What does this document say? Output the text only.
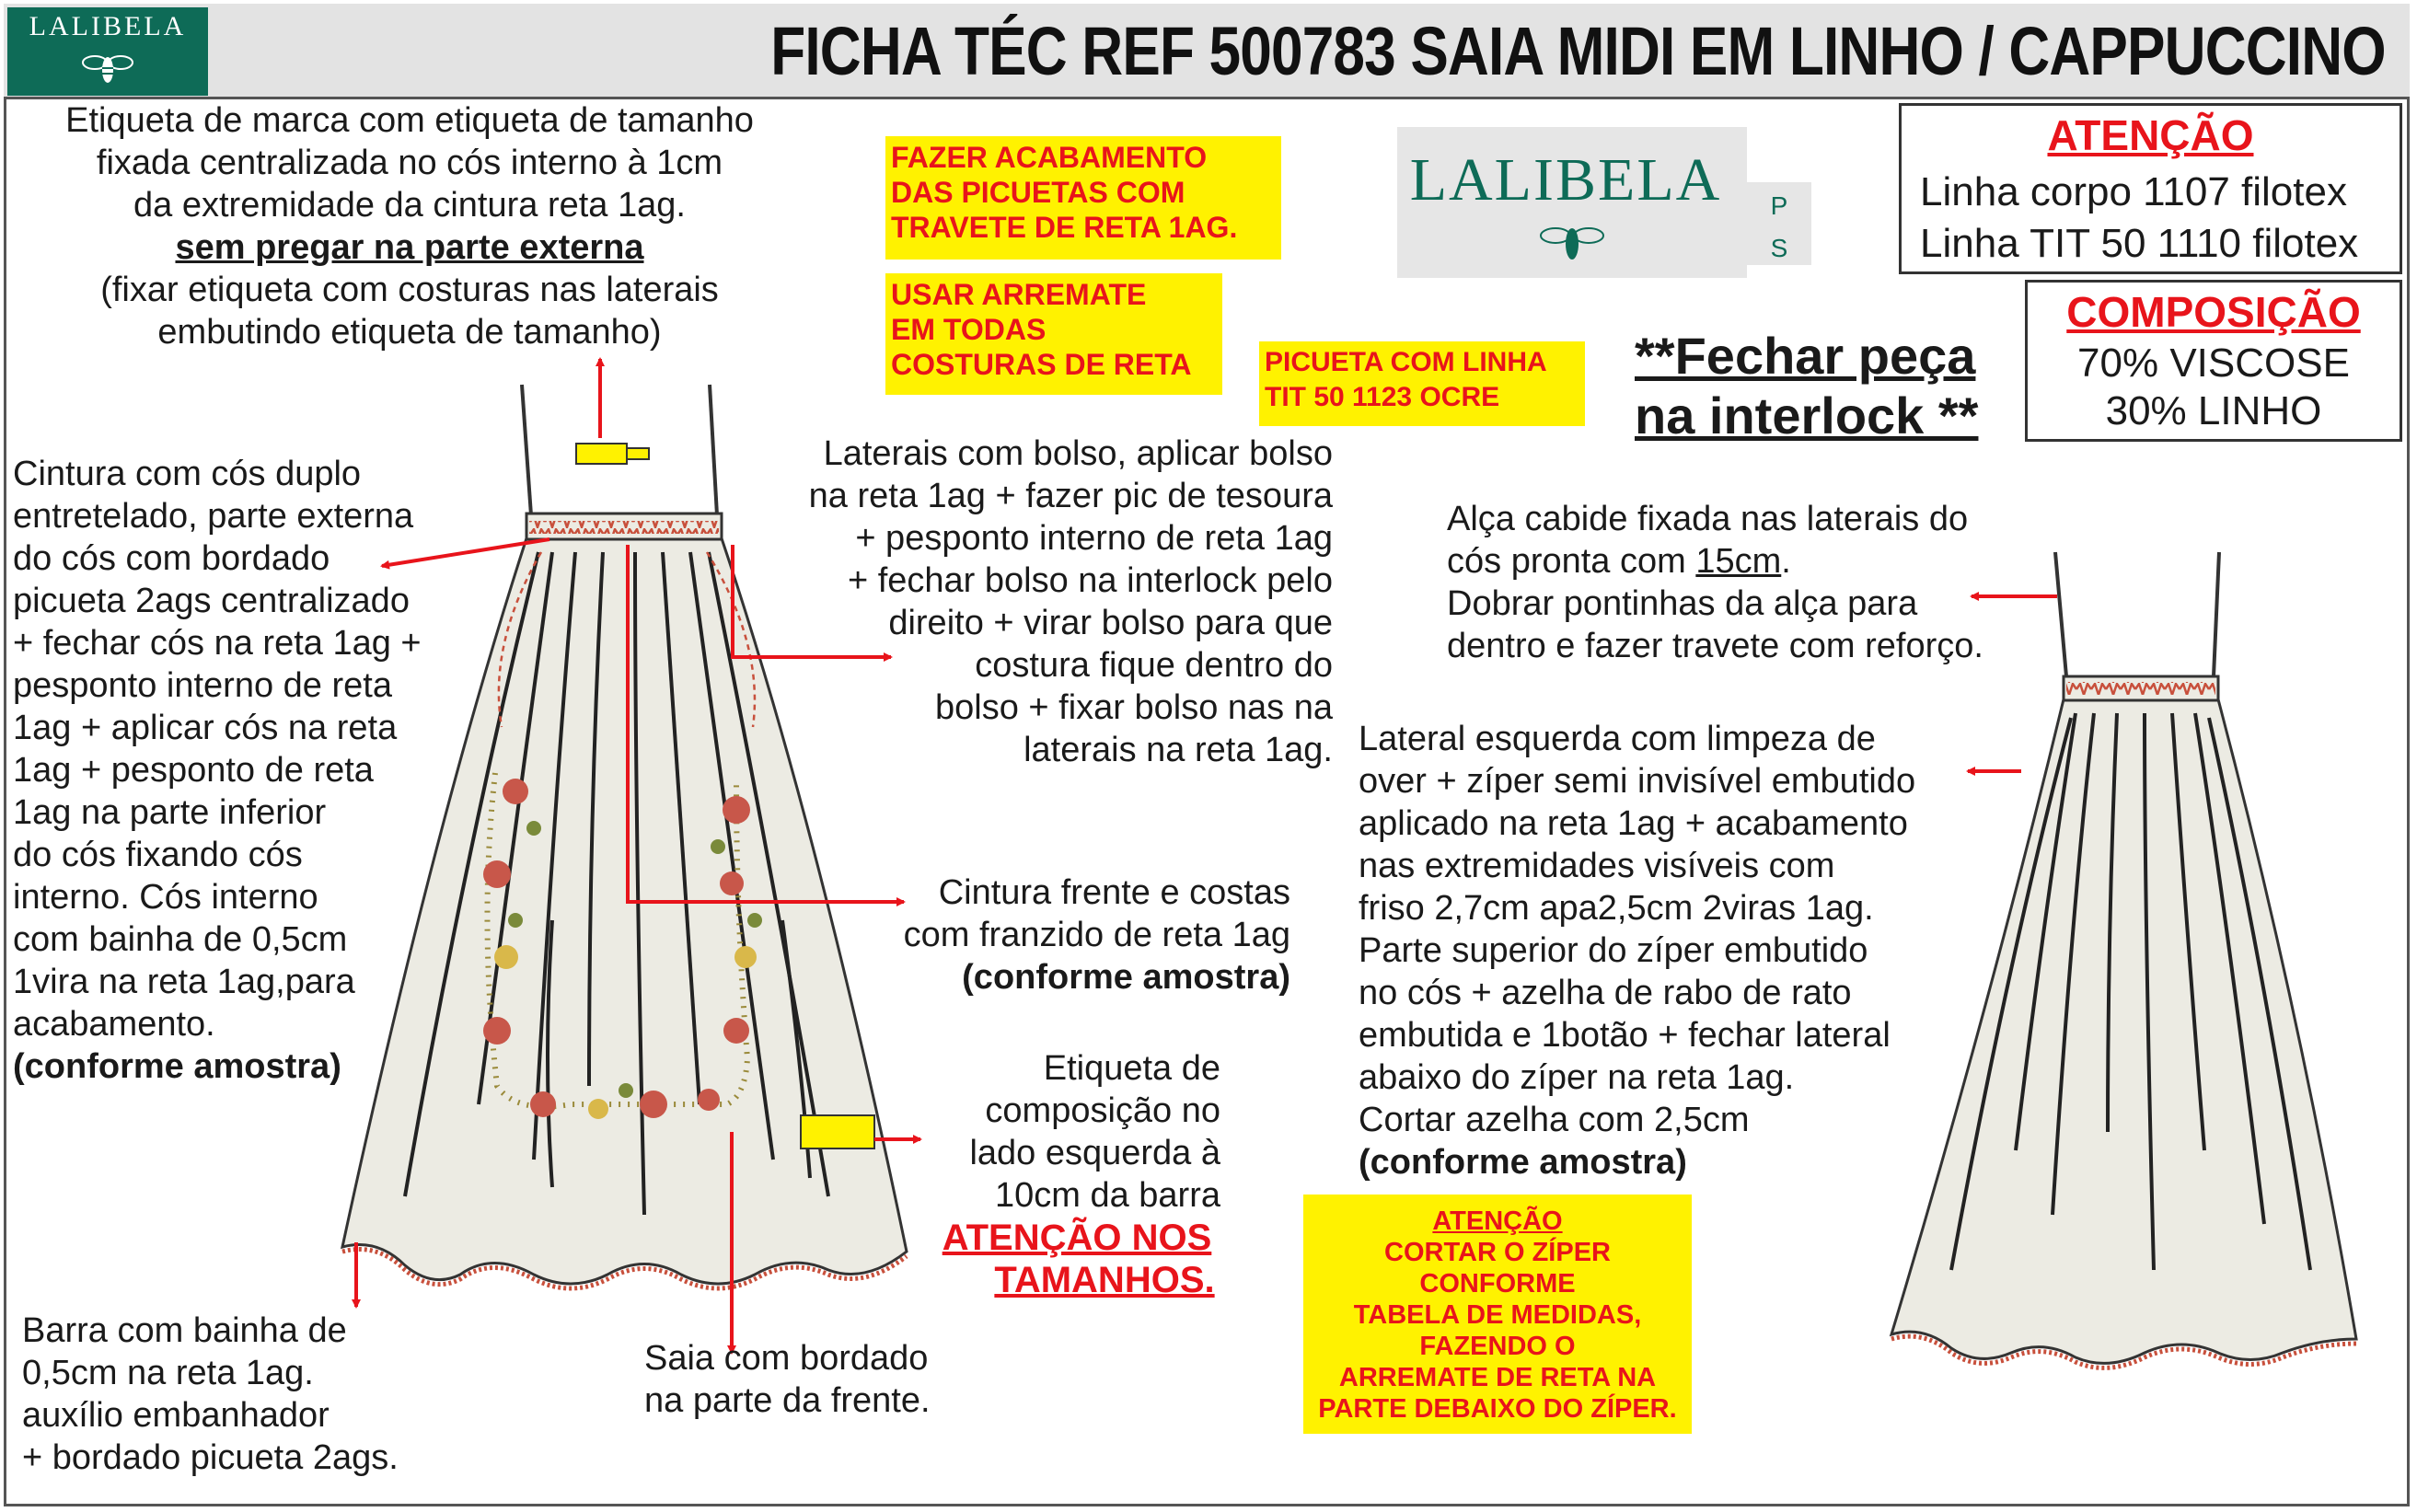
LALIBELA	FICHA TÉC REF 500783 SAIA MIDI EM LINHO / CAPPUCCINO
LALIBELA	P
S
ATENÇÃO
Linha corpo 1107 filotex
Linha TIT 50 1110 filotex
COMPOSIÇÃO
70% VISCOSE
30% LINHO
**Fechar peça
na interlock **
FAZER ACABAMENTO
DAS PICUETAS COM
TRAVETE DE RETA 1AG.
USAR ARREMATE
EM TODAS
COSTURAS DE RETA	PICUETA COM LINHA
TIT 50 1123 OCRE
ATENÇÃO
CORTAR O ZÍPER
CONFORME
TABELA DE MEDIDAS,
FAZENDO O
ARREMATE DE RETA NA
PARTE DEBAIXO DO ZÍPER.
Etiqueta de marca com etiqueta de tamanho
fixada centralizada no cós interno à 1cm
da extremidade da cintura reta 1ag.
sem pregar na parte externa
(fixar etiqueta com costuras nas laterais
embutindo etiqueta de tamanho)
Cintura com cós duplo
entretelado, parte externa
do cós com bordado
picueta 2ags centralizado
+ fechar cós na reta 1ag +
pesponto interno de reta
1ag + aplicar cós na reta
1ag + pesponto de reta
1ag na parte inferior
do cós fixando cós
interno. Cós interno
com bainha de 0,5cm
1vira na reta 1ag,para
acabamento.
(conforme amostra)
Laterais com bolso, aplicar bolso
na reta 1ag + fazer pic de tesoura
+ pesponto interno de reta 1ag
+ fechar bolso na interlock pelo
direito + virar bolso para que
costura fique dentro do
bolso + fixar bolso nas na
laterais na reta 1ag.
Cintura frente e costas
com franzido de reta 1ag
(conforme amostra)
Etiqueta de
composição no
lado esquerda à
10cm da barra
ATENÇÃO NOS
TAMANHOS.
Barra com bainha de
0,5cm na reta 1ag.
auxílio embanhador
+ bordado picueta 2ags.
Saia com bordado
na parte da frente.
Alça cabide fixada nas laterais do
cós pronta com 15cm.
Dobrar pontinhas da alça para
dentro e fazer travete com reforço.
Lateral esquerda com limpeza de
over + zíper semi invisível embutido
aplicado na reta 1ag + acabamento
nas extremidades visíveis com
friso 2,7cm apa2,5cm 2viras 1ag.
Parte superior do zíper embutido
no cós + azelha de rabo de rato
embutida e 1botão + fechar lateral
abaixo do zíper na reta 1ag.
Cortar azelha com 2,5cm
(conforme amostra)
